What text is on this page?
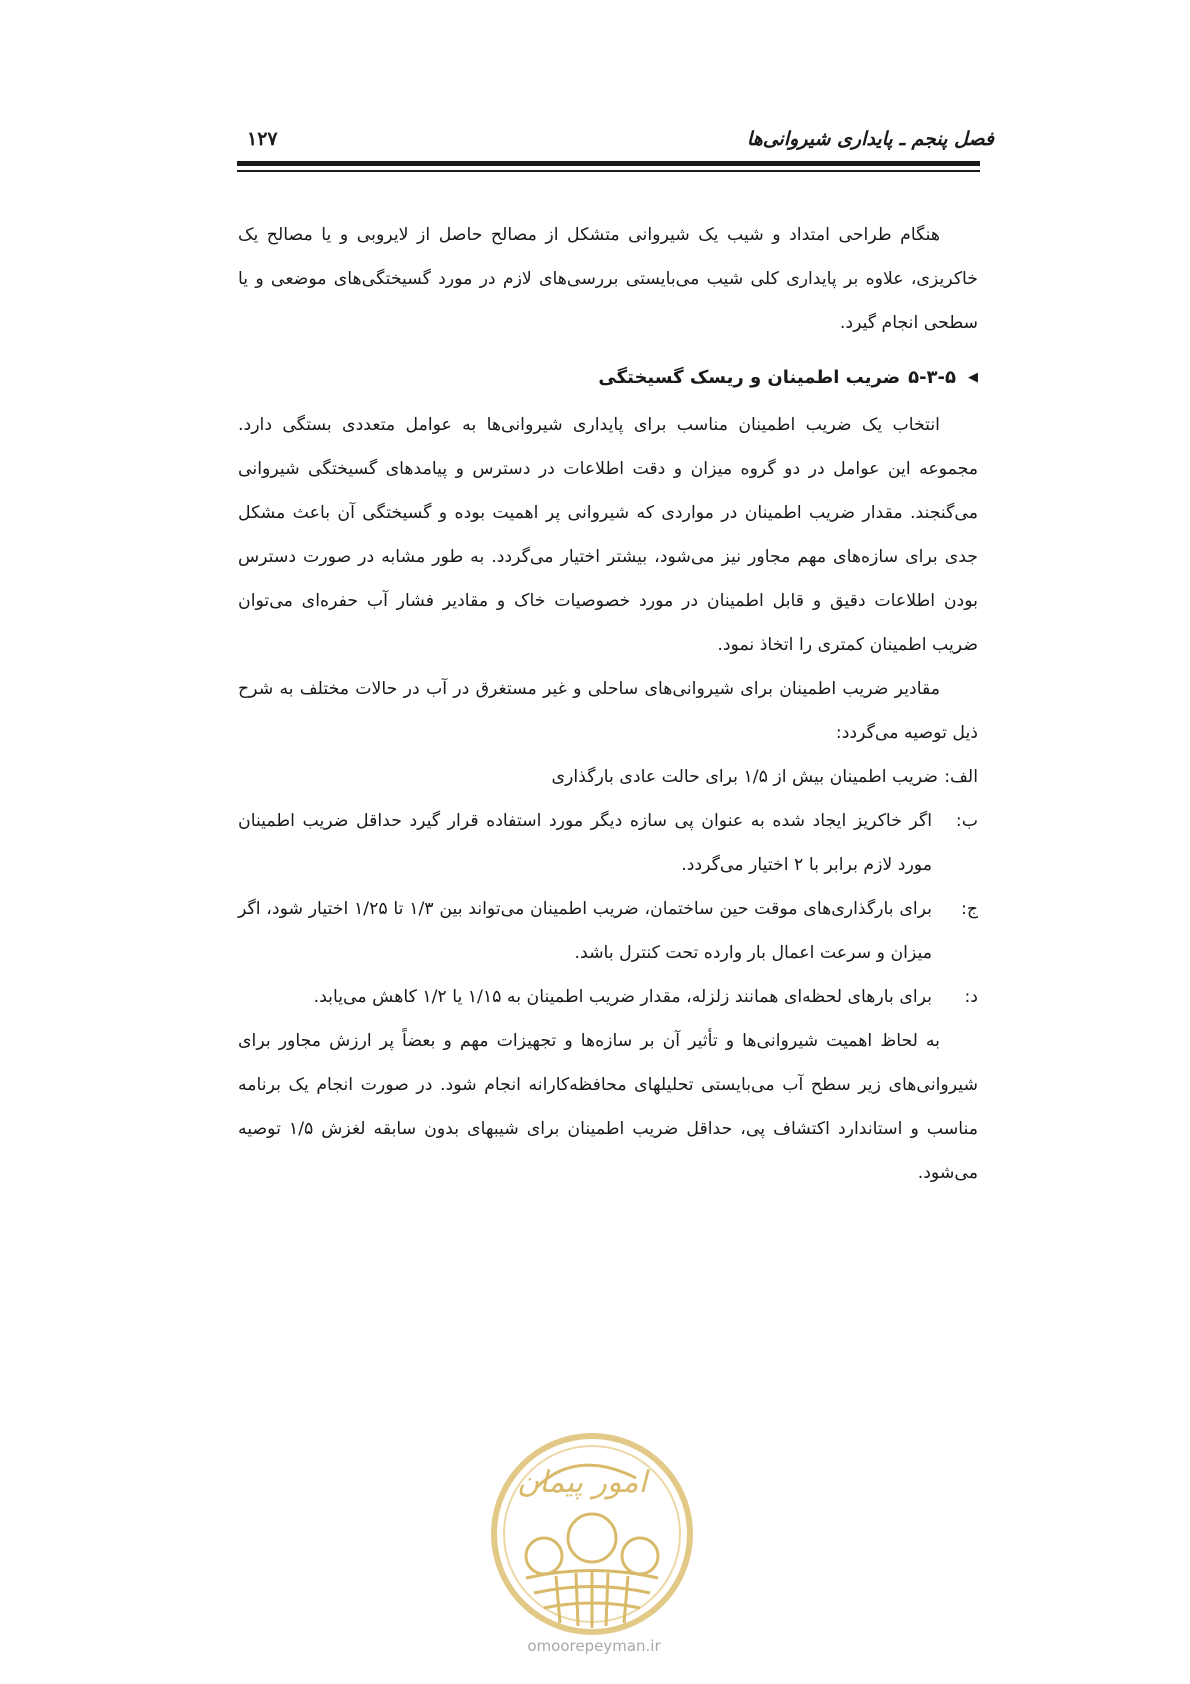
فصل پنجم ـ پایداری شیروانی‌ها
۱۲۷

هنگام طراحی امتداد و شیب یک شیروانی متشکل از مصالح حاصل از لایروبی و یا مصالح یک خاکریزی، علاوه بر پایداری کلی شیب می‌بایستی بررسی‌های لازم در مورد گسیختگی‌های موضعی و یا سطحی انجام گیرد.

◀
۵-۳-۵
ضریب اطمینان و ریسک گسیختگی

انتخاب یک ضریب اطمینان مناسب برای پایداری شیروانی‌ها به عوامل متعددی بستگی دارد. مجموعه این عوامل در دو گروه میزان و دقت اطلاعات در دسترس و پیامدهای گسیختگی شیروانی می‌گنجند. مقدار ضریب اطمینان در مواردی که شیروانی پر اهمیت بوده و گسیختگی آن باعث مشکل جدی برای سازه‌های مهم مجاور نیز می‌شود، بیشتر اختیار می‌گردد. به طور مشابه در صورت دسترس بودن اطلاعات دقیق و قابل اطمینان در مورد خصوصیات خاک و مقادیر فشار آب حفره‌ای می‌توان ضریب اطمینان کمتری را اتخاذ نمود.

مقادیر ضریب اطمینان برای شیروانی‌های ساحلی و غیر مستغرق در آب در حالات مختلف به شرح ذیل توصیه می‌گردد:

الف:
ضریب اطمینان بیش از ۱/۵ برای حالت عادی بارگذاری
ب:
اگر خاکریز ایجاد شده به عنوان پی سازه دیگر مورد استفاده قرار گیرد حداقل ضریب اطمینان مورد لازم برابر با ۲ اختیار می‌گردد.
ج:
برای بارگذاری‌های موقت حین ساختمان، ضریب اطمینان می‌تواند بین ۱/۳ تا ۱/۲۵ اختیار شود، اگر میزان و سرعت اعمال بار وارده تحت کنترل باشد.
د:
برای بارهای لحظه‌ای همانند زلزله، مقدار ضریب اطمینان به ۱/۱۵ یا ۱/۲ کاهش می‌یابد.

به لحاظ اهمیت شیروانی‌ها و تأثیر آن بر سازه‌ها و تجهیزات مهم و بعضاً پر ارزش مجاور برای شیروانی‌های زیر سطح آب می‌بایستی تحلیلهای محافظه‌کارانه انجام شود. در صورت انجام یک برنامه مناسب و استاندارد اکتشاف پی، حداقل ضریب اطمینان برای شیبهای بدون سابقه لغزش ۱/۵ توصیه می‌شود.

امور پیمان
omoorepeyman.ir
